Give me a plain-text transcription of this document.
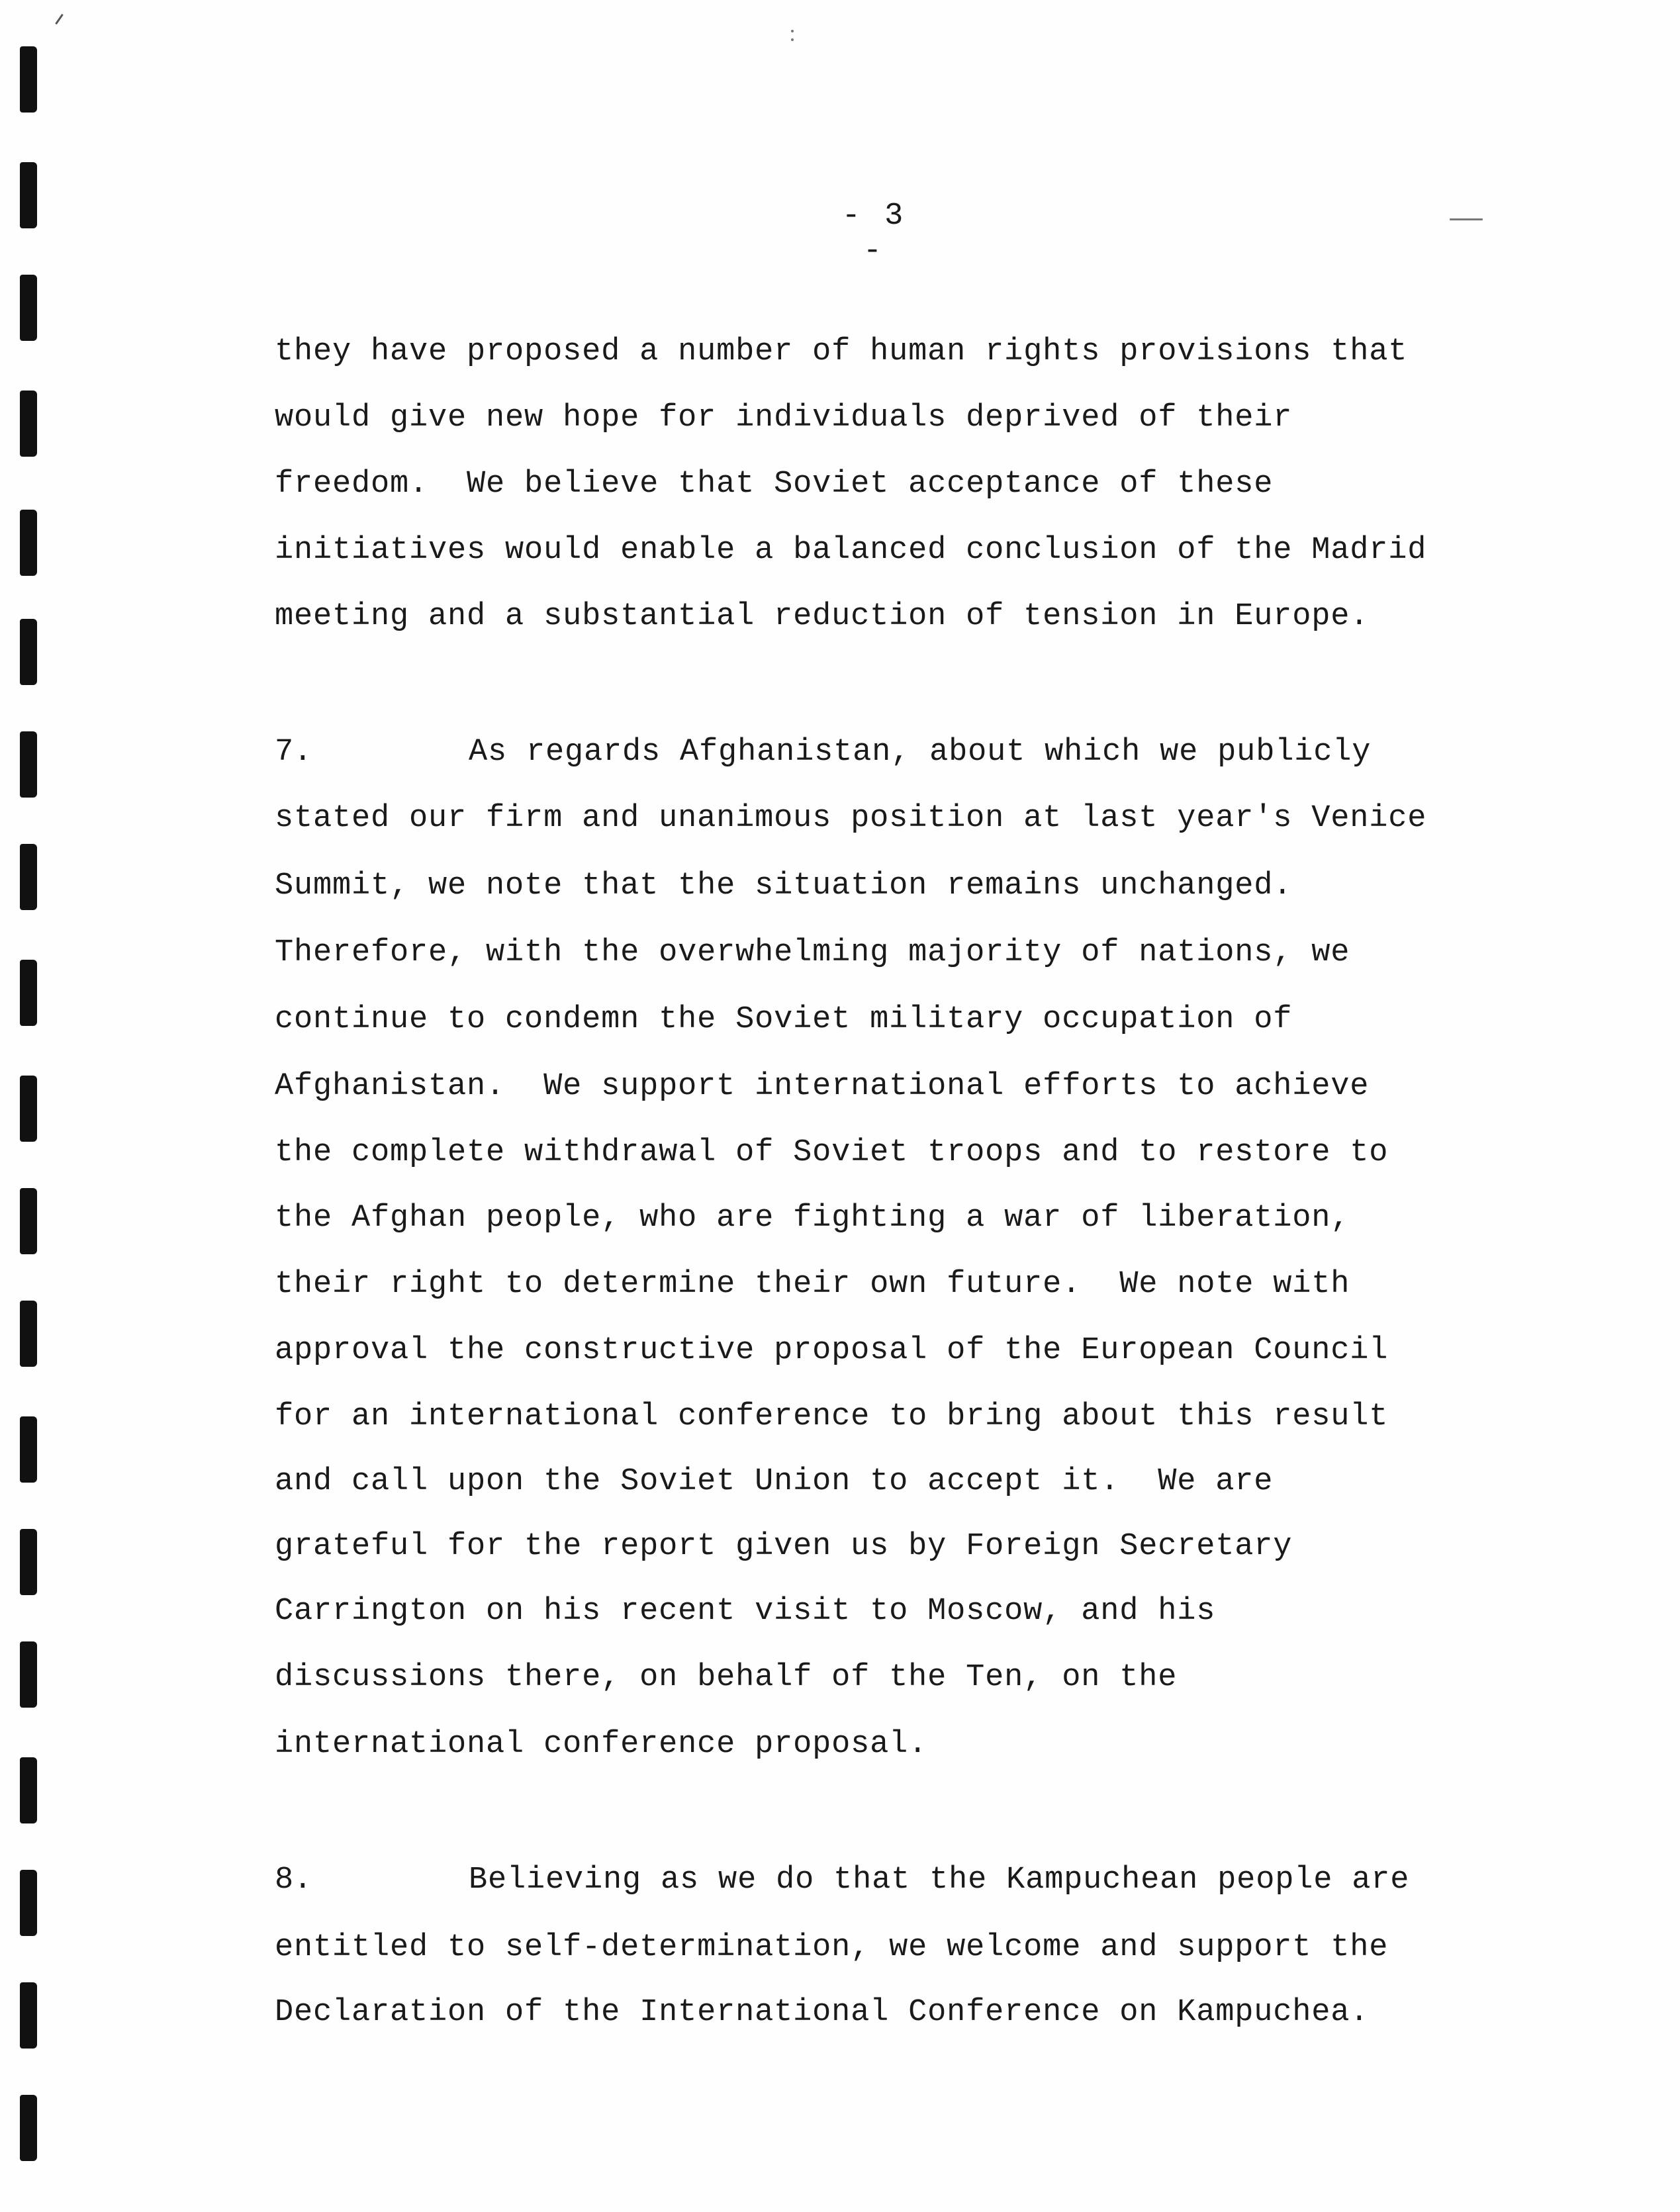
- 3 -
they have proposed a number of human rights provisions that
would give new hope for individuals deprived of their
freedom.  We believe that Soviet acceptance of these
initiatives would enable a balanced conclusion of the Madrid
meeting and a substantial reduction of tension in Europe.
7.	As regards Afghanistan, about which we publicly
stated our firm and unanimous position at last year's Venice
Summit, we note that the situation remains unchanged.
Therefore, with the overwhelming majority of nations, we
continue to condemn the Soviet military occupation of
Afghanistan.  We support international efforts to achieve
the complete withdrawal of Soviet troops and to restore to
the Afghan people, who are fighting a war of liberation,
their right to determine their own future.  We note with
approval the constructive proposal of the European Council
for an international conference to bring about this result
and call upon the Soviet Union to accept it.  We are
grateful for the report given us by Foreign Secretary
Carrington on his recent visit to Moscow, and his
discussions there, on behalf of the Ten, on the
international conference proposal.
8.	Believing as we do that the Kampuchean people are
entitled to self-determination, we welcome and support the
Declaration of the International Conference on Kampuchea.
